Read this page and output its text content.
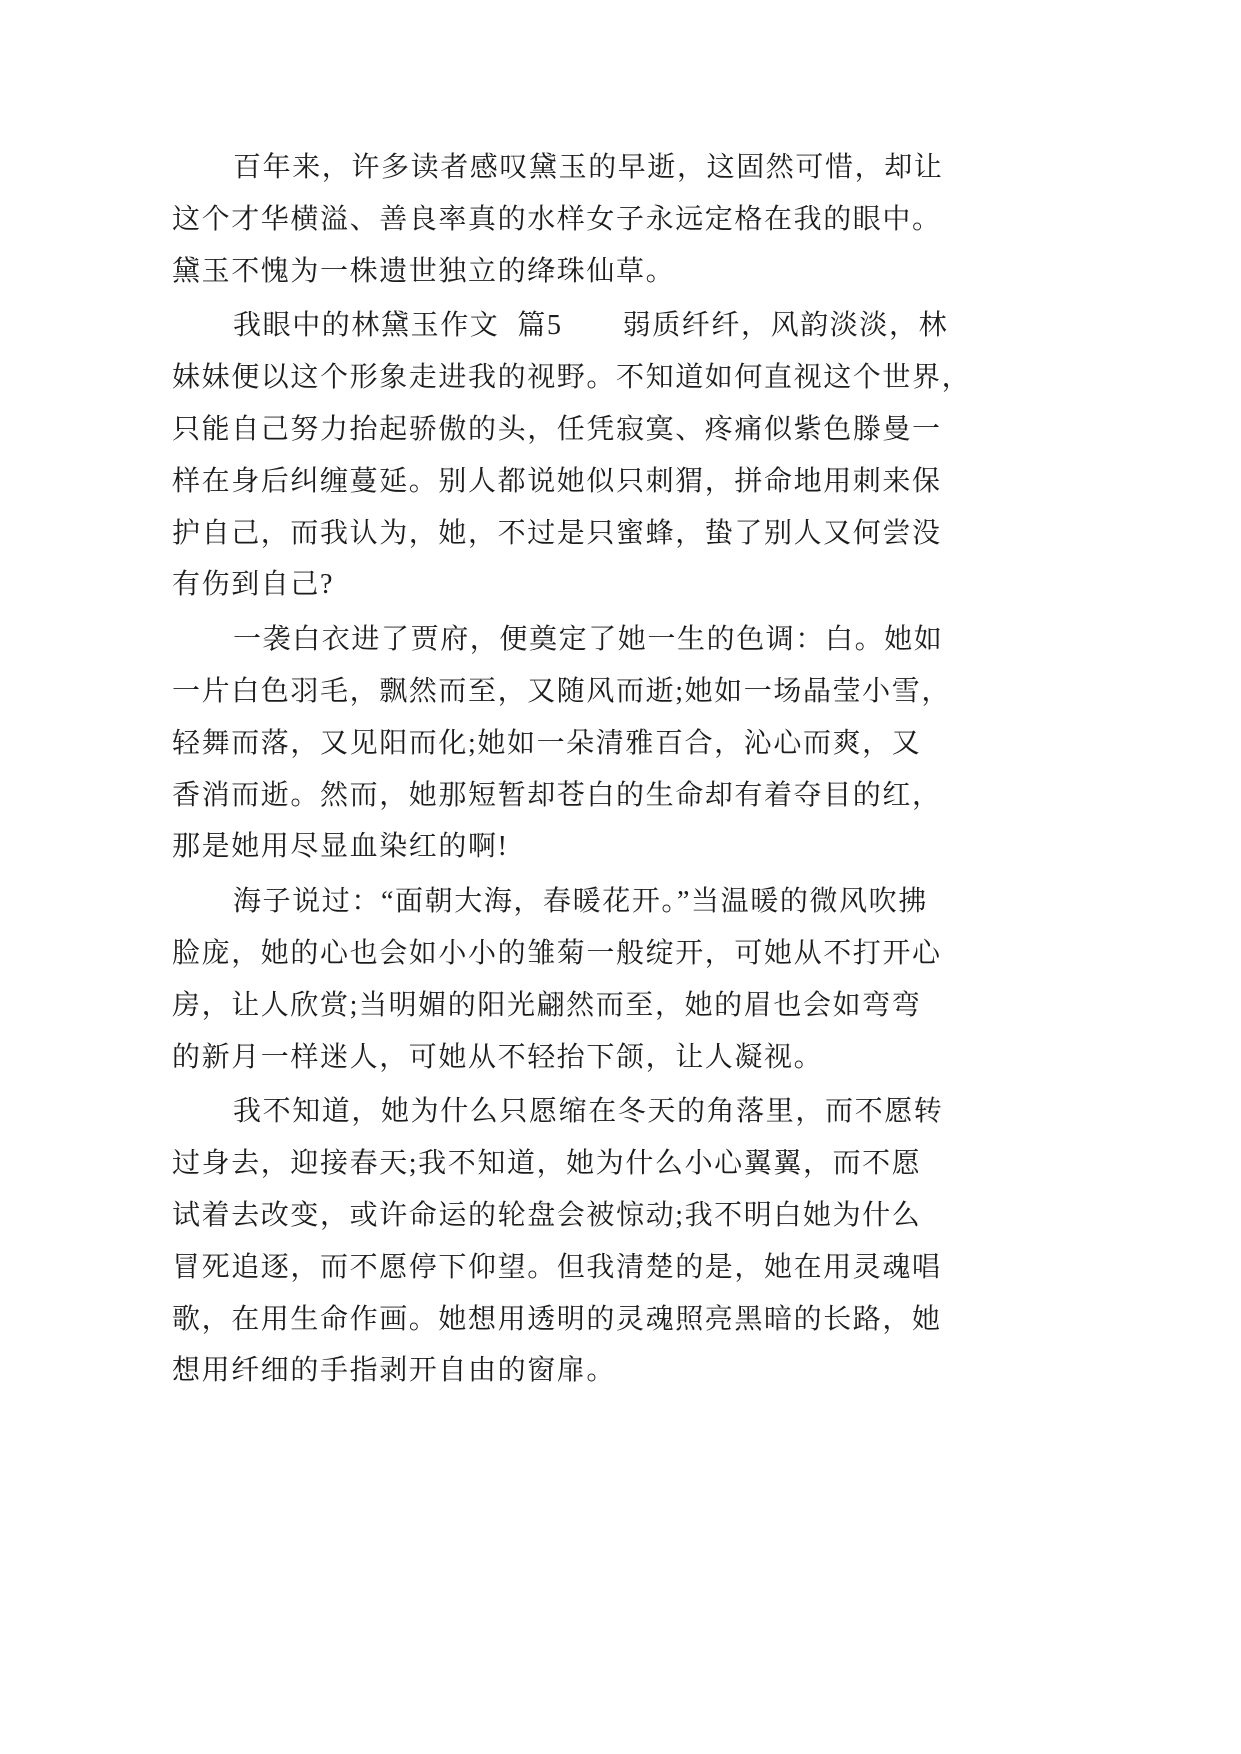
百年来，许多读者感叹黛玉的早逝，这固然可惜，却让
这个才华横溢、善良率真的水样女子永远定格在我的眼中。
黛玉不愧为一株遗世独立的绛珠仙草。
我眼中的林黛玉作文 篇5 弱质纤纤，风韵淡淡，林
妹妹便以这个形象走进我的视野。不知道如何直视这个世界，
只能自己努力抬起骄傲的头，任凭寂寞、疼痛似紫色滕曼一
样在身后纠缠蔓延。别人都说她似只刺猬，拼命地用刺来保
护自己，而我认为，她，不过是只蜜蜂，蛰了别人又何尝没
有伤到自己?
一袭白衣进了贾府，便奠定了她一生的色调：白。她如
一片白色羽毛，飘然而至，又随风而逝;她如一场晶莹小雪，
轻舞而落，又见阳而化;她如一朵清雅百合，沁心而爽，又
香消而逝。然而，她那短暂却苍白的生命却有着夺目的红，
那是她用尽显血染红的啊!
海子说过：“面朝大海，春暖花开。”当温暖的微风吹拂
脸庞，她的心也会如小小的雏菊一般绽开，可她从不打开心
房，让人欣赏;当明媚的阳光翩然而至，她的眉也会如弯弯
的新月一样迷人，可她从不轻抬下颌，让人凝视。
我不知道，她为什么只愿缩在冬天的角落里，而不愿转
过身去，迎接春天;我不知道，她为什么小心翼翼，而不愿
试着去改变，或许命运的轮盘会被惊动;我不明白她为什么
冒死追逐，而不愿停下仰望。但我清楚的是，她在用灵魂唱
歌，在用生命作画。她想用透明的灵魂照亮黑暗的长路，她
想用纤细的手指剥开自由的窗扉。
